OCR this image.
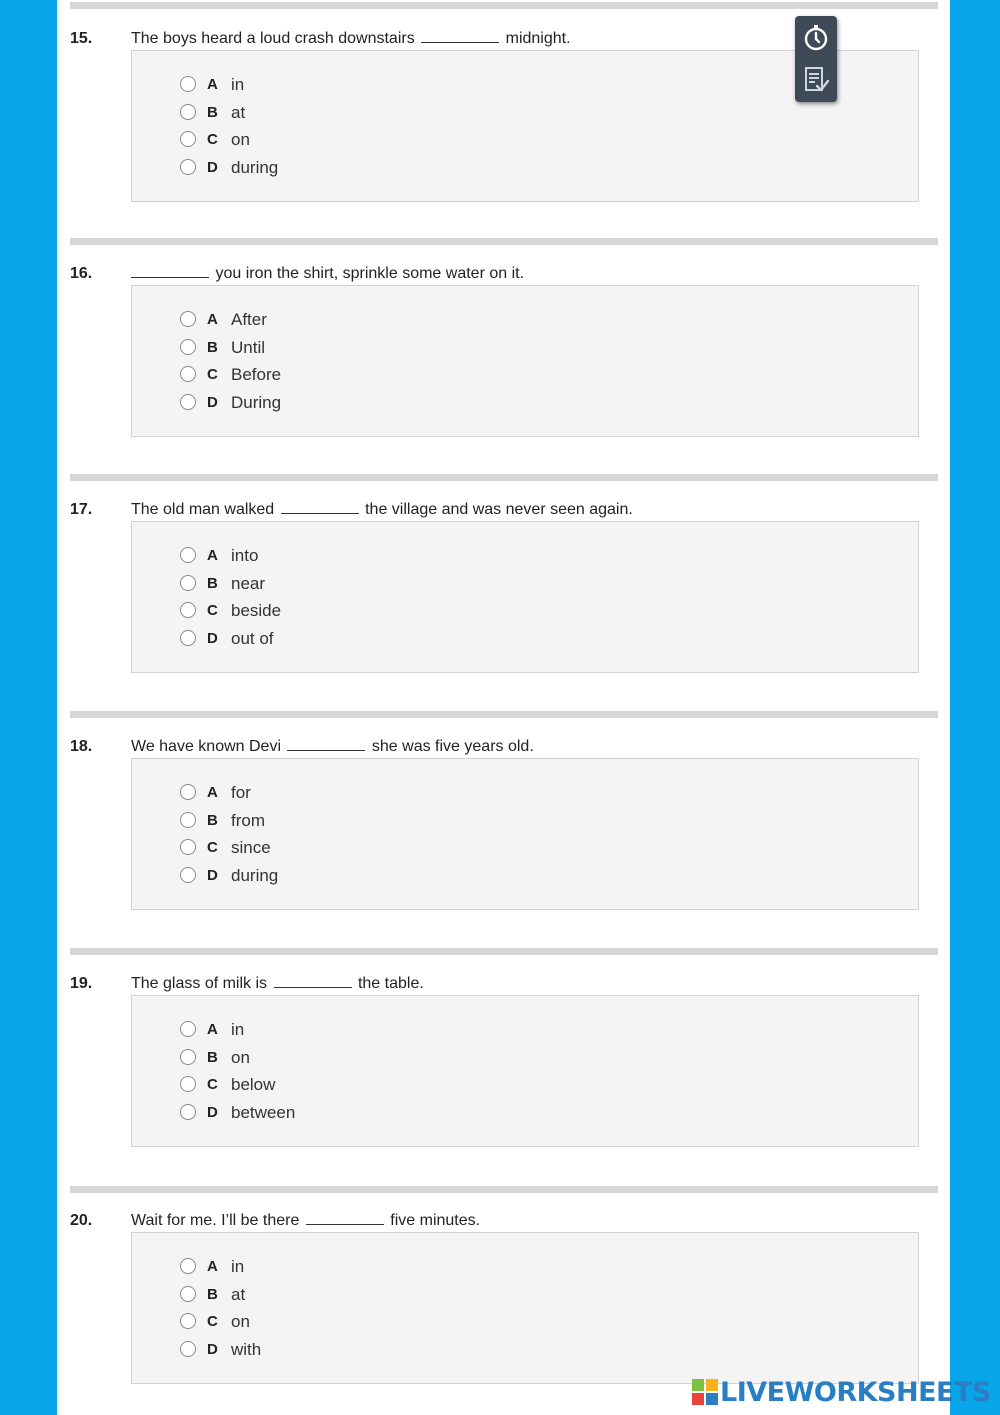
15. The boys heard a loud crash downstairs	midnight.
A in
B at
C on
D during
16.	you iron the shirt, sprinkle some water on it.
A After
B Until
C Before
D During
17. The old man walked	the village and was never seen again.
A into
B near
C beside
D out of
18. We have known Devi	she was five years old.
A for
B from
C since
D during
19. The glass of milk is	the table.
A in
B on
C below
D between
20. Wait for me. I’ll be there	five minutes.
A in
B at
C on
D with
LIVEWORKSHEETS
